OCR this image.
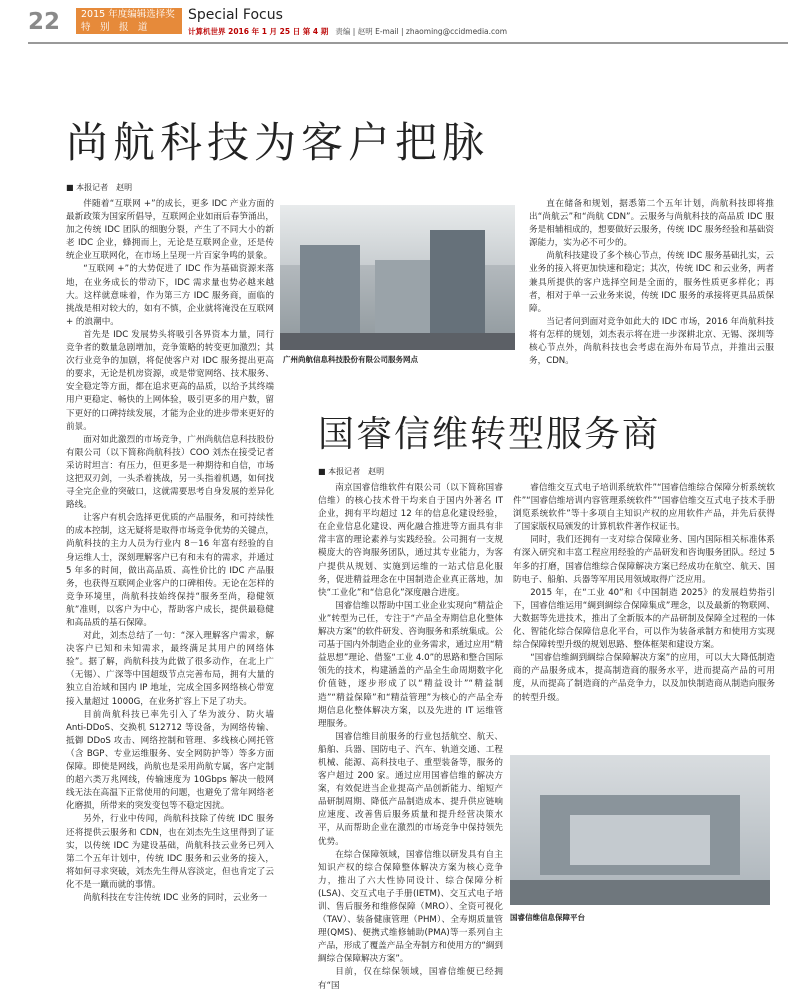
22	2015 年度编辑选择奖
特　别　报　道
Special Focus
计算机世界 2016 年 1 月 25 日 第 4 期 责编 | 赵明 E-mail | zhaoming@ccidmedia.com
尚航科技为客户把脉
■ 本报记者　赵明

伴随着“互联网 +”的成长，更多 IDC 产业方面的最新政策为国家所倡导，互联网企业如雨后春笋涌出，加之传统 IDC 团队的细胞分裂，产生了不同大小的新老 IDC 企业，蜂拥而上，无论是互联网企业，还是传统企业互联网化，在市场上呈现一片百家争鸣的景象。

“互联网 +”的大势促进了 IDC 作为基础资源来落地，在业务成长的带动下，IDC 需求量也势必越来越大。这样就意味着，作为第三方 IDC 服务商，面临的挑战是相对较大的，如有不慎，企业就将淹没在互联网 + 的浪潮中。

首先是 IDC 发展势头将吸引各界资本力量，同行竞争者的数量急剧增加，竞争策略的转变更加激烈；其次行业竞争的加剧，将促使客户对 IDC 服务提出更高的要求，无论是机房资源，或是带宽网络、技术服务、安全稳定等方面，都在追求更高的品质，以给予其终端用户更稳定、畅快的上网体验，吸引更多的用户数，留下更好的口碑持续发展，才能为企业的进步带来更好的前景。

面对如此激烈的市场竞争，广州尚航信息科技股份有限公司（以下简称尚航科技）COO 刘杰在接受记者采访时坦言：有压力，但更多是一种期待和自信，市场这把双刃剑，一头杀着挑战，另一头指着机遇，如何找寻全完企业的突破口，这就需要思考自身发展的差异化路线。

让客户有机会选择更优质的产品服务，和可持续性的成本控制，这无疑将是取得市场竞争优势的关键点，尚航科技的主力人员为行业内 8－16 年富有经验的自身运维人士，深刻理解客户已有和未有的需求，并通过 5 年多的时间，做出高品质、高性价比的 IDC 产品服务，也获得互联网企业客户的口碑相传。无论在怎样的竞争环境里，尚航科技始终保持“服务至尚，稳健领航”准则，以客户为中心，帮助客户成长，提供最稳健和高品质的基石保障。

对此，刘杰总结了一句：“深入理解客户需求，解决客户已知和未知需求，最终满足其用户的网络体验”。据了解，尚航科技为此做了很多动作，在北上广（无锡）、广深等中国超级节点完善布局，拥有大量的独立自治域和国内 IP 地址，完成全国多网络核心带宽接入量超过 1000G，在业务扩容上下足了功夫。

目前尚航科技已率先引入了华为波分、防火墙 Anti-DDoS、交换机 S12712 等设备，为网络传输、抵御 DDoS 攻击、网络控制和管理、多线核心网托管（含 BGP、专业运维服务、安全网防护等）等多方面保障。即使是网线，尚航也是采用尚航专属，客户定制的超六类万兆网线，传输速度为 10Gbps 解决一般网线无法在高温下正常使用的问题，也避免了常年网络老化磨损，所带来的突发变包等不稳定因扰。

另外，行业中传闻，尚航科技除了传统 IDC 服务还将提供云服务和 CDN，也在刘杰先生这里得到了证实，以传统 IDC 为建设基础，尚航科技云业务已列入第二个五年计划中，传统 IDC 服务和云业务的接入，将如何寻求突破，刘杰先生得从容淡定，但也肯定了云化不是一蹴而就的事情。

尚航科技在专注传统 IDC 业务的同时，云业务一

广州尚航信息科技股份有限公司服务网点

直在储备和规划，据悉第二个五年计划，尚航科技即将推出“尚航云”和“尚航 CDN”。云服务与尚航科技的高品质 IDC 服务是相辅相成的，想要做好云服务，传统 IDC 服务经验和基础资源能力，实为必不可少的。

尚航科技建设了多个核心节点，传统 IDC 服务基础扎实，云业务的接入将更加快速和稳定；其次，传统 IDC 和云业务，两者兼具所提供的客户选择空间是全面的，服务性质更多样化；再者，相对于单一云业务来说，传统 IDC 服务的承接将更具品质保障。

当记者问到面对竞争如此大的 IDC 市场，2016 年尚航科技将有怎样的规划，刘杰表示将在进一步深耕北京、无锡、深圳等核心节点外，尚航科技也会考虑在海外布局节点，并推出云服务，CDN。

国睿信维转型服务商
■ 本报记者　赵明

南京国睿信维软件有限公司（以下简称国睿信维）的核心技术骨干均来自于国内外著名 IT 企业，拥有平均超过 12 年的信息化建设经验，在企业信息化建设、两化融合推进等方面具有非常丰富的理论素养与实践经验。公司拥有一支规模庞大的咨询服务团队，通过其专业能力，为客户提供从规划、实施到运维的一站式信息化服务，促进精益理念在中国制造企业真正落地，加快“工业化”和“信息化”深度融合进度。

国睿信维以帮助中国工业企业实现向“精益企业”转型为己任，专注于“产品全寿期信息化整体解决方案”的软件研发、咨询服务和系统集成。公司基于国内外制造企业的业务需求，通过应用“精益思想”理论、借鉴“工业 4.0”的思路和整合国际领先的技术，构建涵盖的产品全生命周期数字化价值链，逐步形成了以“精益设计”“精益制造”“精益保障”和“精益管理”为核心的产品全寿期信息化整体解决方案，以及先进的 IT 运维管理服务。

国睿信维目前服务的行业包括航空、航天、船舶、兵器、国防电子、汽车、轨道交通、工程机械、能源、高科技电子、重型装备等，服务的客户超过 200 家。通过应用国睿信维的解决方案，有效促进当企业提高产品创新能力、缩短产品研制周期、降低产品制造成本、提升供应链响应速度、改善售后服务质量和提升经营决策水平，从而帮助企业在激烈的市场竞争中保持领先优势。

在综合保障领域，国睿信维以研发具有自主知识产权的综合保障整体解决方案为核心竞争力，推出了六大性协同设计、综合保障分析(LSA)、交互式电子手册(IETM)、交互式电子培训、售后服务和维修保障（MRO）、全资可视化（TAV）、装备健康管理（PHM）、全寿期质量管理(QMS)、便携式维修辅助(PMA)等一系列自主产品，形成了覆盖产品全寿制方和使用方的“綢到綢综合保障解决方案”。

目前，仅在综保领域，国睿信维便已经拥有“国

睿信维交互式电子培训系统软件”“国睿信维综合保障分析系统软件”“国睿信维培训内容管理系统软件”“国睿信维交互式电子技术手册浏览系统软件”等十多项自主知识产权的应用软件产品，并先后获得了国家版权局颁发的计算机软件著作权证书。

同时，我们还拥有一支对综合保障业务、国内国际相关标准体系有深入研究和丰富工程应用经验的产品研发和咨询服务团队。经过 5 年多的打磨，国睿信维综合保障解决方案已经成功在航空、航天、国防电子、船舶、兵器等军用民用领域取得广泛应用。

2015 年，在“工业 40”和《中国制造 2025》的发展趋势指引下，国睿信维运用“綢到綢综合保障集成”理念，以及最新的物联网、大数据等先进技术，推出了全新版本的产品研制及保障全过程的一体化、智能化综合保障信息化平台，可以作为装备承制方和使用方实现综合保障转型升级的规划思路、整体框架和建设方案。

“国睿信维綢到綢综合保障解决方案”的应用，可以大大降低制造商的产品服务成本，提高制造商的服务水平，进而提高产品的可用度，从而提高了制造商的产品竞争力，以及加快制造商从制造向服务的转型升级。

国睿信维信息保障平台
